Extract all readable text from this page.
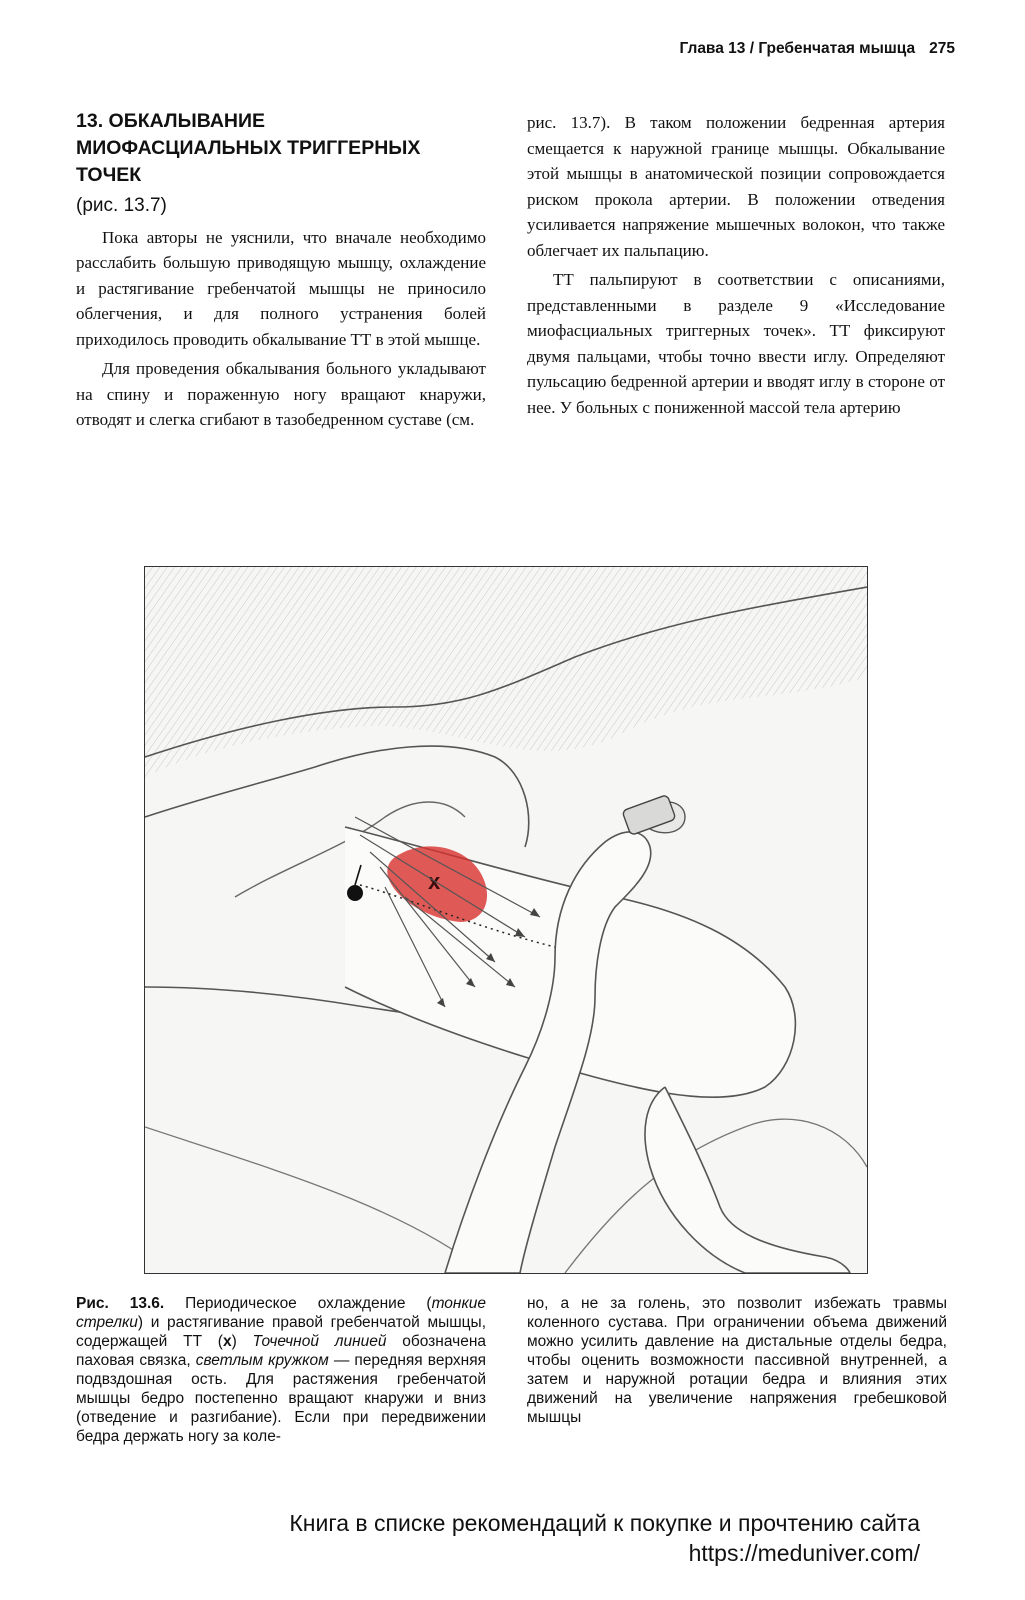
Глава 13 / Гребенчатая мышца 275
13. ОБКАЛЫВАНИЕ
МИОФАСЦИАЛЬНЫХ ТРИГГЕРНЫХ
ТОЧЕК
(рис. 13.7)

Пока авторы не уяснили, что вначале необходимо расслабить большую приводящую мышцу, охлаждение и растягивание гребенчатой мышцы не приносило облегчения, и для полного устранения болей приходилось проводить обкалывание ТТ в этой мышце.

Для проведения обкалывания больного укладывают на спину и пораженную ногу вращают кнаружи, отводят и слегка сгибают в тазобедренном суставе (см.

рис. 13.7). В таком положении бедренная артерия смещается к наружной границе мышцы. Обкалывание этой мышцы в анатомической позиции сопровождается риском прокола артерии. В положении отведения усиливается напряжение мышечных волокон, что также облегчает их пальпацию.

ТТ пальпируют в соответствии с описаниями, представленными в разделе 9 «Исследование миофасциальных триггерных точек». ТТ фиксируют двумя пальцами, чтобы точно ввести иглу. Определяют пульсацию бедренной артерии и вводят иглу в стороне от нее. У больных с пониженной массой тела артерию

x
Рис. 13.6. Периодическое охлаждение (тонкие стрелки) и растягивание правой гребенчатой мышцы, содержащей ТТ (x) Точечной линией обозначена паховая связка, светлым кружком — передняя верхняя подвздошная ость. Для растяжения гребенчатой мышцы бедро постепенно вращают кнаружи и вниз (отведение и разгибание). Если при передвижении бедра держать ногу за коле-
но, а не за голень, это позволит избежать травмы коленного сустава. При ограничении объема движений можно усилить давление на дистальные отделы бедра, чтобы оценить возможности пассивной внутренней, а затем и наружной ротации бедра и влияния этих движений на увеличение напряжения гребешковой мышцы
Книга в списке рекомендаций к покупке и прочтению сайта https://meduniver.com/
